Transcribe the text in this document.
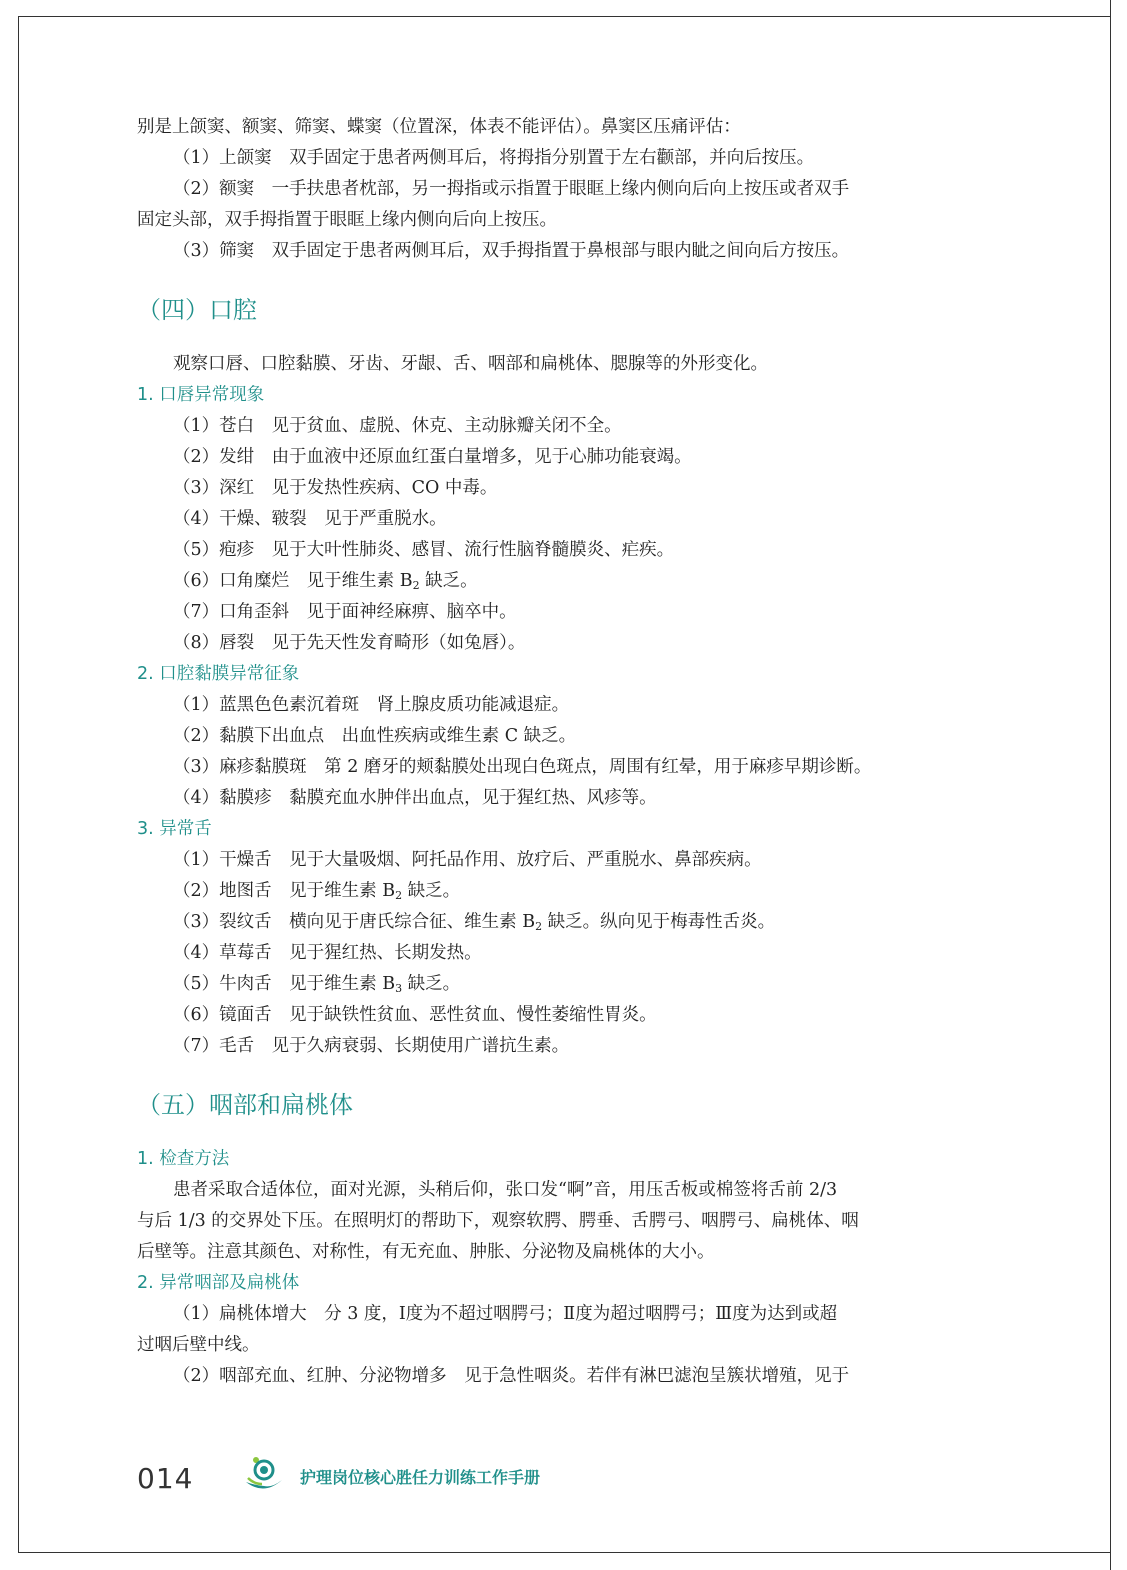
别是上颌窦、额窦、筛窦、蝶窦（位置深，体表不能评估）。鼻窦区压痛评估：
（1）上颌窦　双手固定于患者两侧耳后，将拇指分别置于左右颧部，并向后按压。
（2）额窦　一手扶患者枕部，另一拇指或示指置于眼眶上缘内侧向后向上按压或者双手
固定头部，双手拇指置于眼眶上缘内侧向后向上按压。
（3）筛窦　双手固定于患者两侧耳后，双手拇指置于鼻根部与眼内眦之间向后方按压。
（四）口腔
观察口唇、口腔黏膜、牙齿、牙龈、舌、咽部和扁桃体、腮腺等的外形变化。
1. 口唇异常现象
（1）苍白　见于贫血、虚脱、休克、主动脉瓣关闭不全。
（2）发绀　由于血液中还原血红蛋白量增多，见于心肺功能衰竭。
（3）深红　见于发热性疾病、CO 中毒。
（4）干燥、皲裂　见于严重脱水。
（5）疱疹　见于大叶性肺炎、感冒、流行性脑脊髓膜炎、疟疾。
（6）口角糜烂　见于维生素 $B_2$ 缺乏。
（7）口角歪斜　见于面神经麻痹、脑卒中。
（8）唇裂　见于先天性发育畸形（如兔唇）。
2. 口腔黏膜异常征象
（1）蓝黑色色素沉着斑　肾上腺皮质功能减退症。
（2）黏膜下出血点　出血性疾病或维生素 C 缺乏。
（3）麻疹黏膜斑　第 2 磨牙的颊黏膜处出现白色斑点，周围有红晕，用于麻疹早期诊断。
（4）黏膜疹　黏膜充血水肿伴出血点，见于猩红热、风疹等。
3. 异常舌
（1）干燥舌　见于大量吸烟、阿托品作用、放疗后、严重脱水、鼻部疾病。
（2）地图舌　见于维生素 $B_2$ 缺乏。
（3）裂纹舌　横向见于唐氏综合征、维生素 $B_2$ 缺乏。纵向见于梅毒性舌炎。
（4）草莓舌　见于猩红热、长期发热。
（5）牛肉舌　见于维生素 $B_3$ 缺乏。
（6）镜面舌　见于缺铁性贫血、恶性贫血、慢性萎缩性胃炎。
（7）毛舌　见于久病衰弱、长期使用广谱抗生素。
（五）咽部和扁桃体
1. 检查方法
患者采取合适体位，面对光源，头稍后仰，张口发“啊”音，用压舌板或棉签将舌前 2/3
与后 1/3 的交界处下压。在照明灯的帮助下，观察软腭、腭垂、舌腭弓、咽腭弓、扁桃体、咽
后壁等。注意其颜色、对称性，有无充血、肿胀、分泌物及扁桃体的大小。
2. 异常咽部及扁桃体
（1）扁桃体增大　分 3 度，Ⅰ度为不超过咽腭弓；Ⅱ度为超过咽腭弓；Ⅲ度为达到或超
过咽后壁中线。
（2）咽部充血、红肿、分泌物增多　见于急性咽炎。若伴有淋巴滤泡呈簇状增殖，见于
014	护理岗位核心胜任力训练工作手册
